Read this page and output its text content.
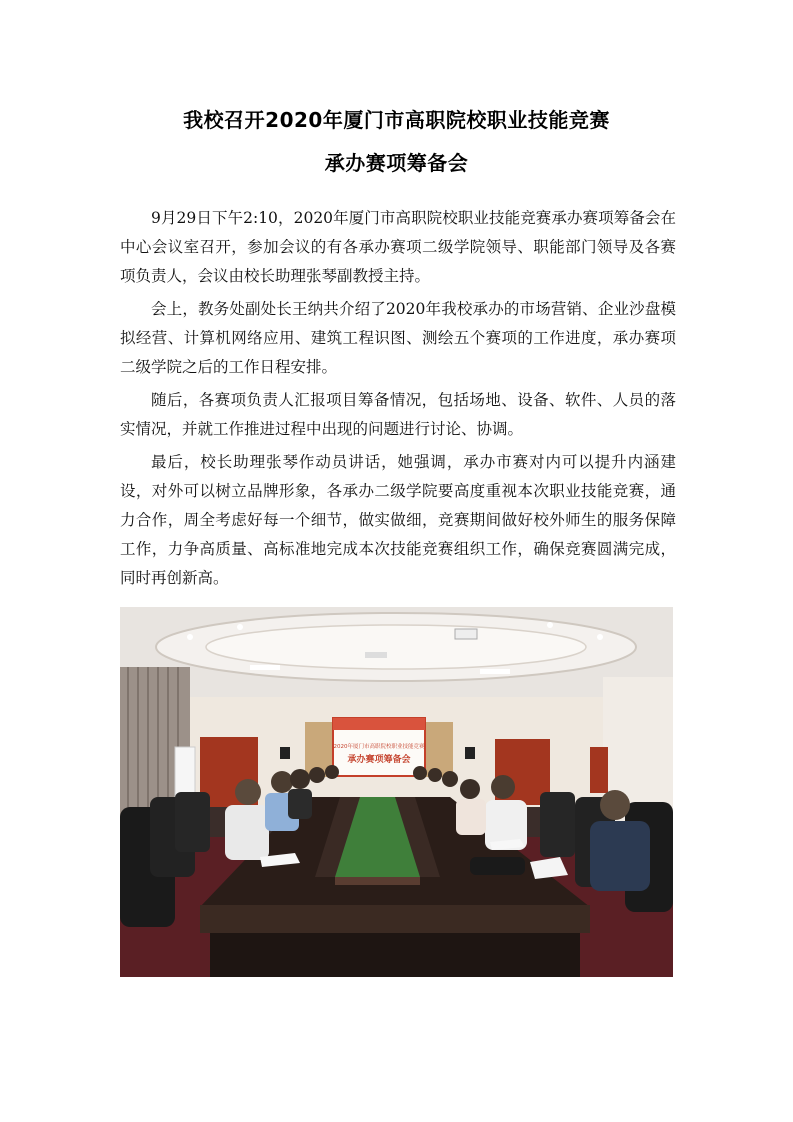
我校召开2020年厦门市高职院校职业技能竞赛
承办赛项筹备会

9月29日下午2:10，2020年厦门市高职院校职业技能竞赛承办赛项筹备会在中心会议室召开，参加会议的有各承办赛项二级学院领导、职能部门领导及各赛项负责人，会议由校长助理张琴副教授主持。

会上，教务处副处长王纳共介绍了2020年我校承办的市场营销、企业沙盘模拟经营、计算机网络应用、建筑工程识图、测绘五个赛项的工作进度，承办赛项二级学院之后的工作日程安排。

随后，各赛项负责人汇报项目筹备情况，包括场地、设备、软件、人员的落实情况，并就工作推进过程中出现的问题进行讨论、协调。

最后，校长助理张琴作动员讲话，她强调，承办市赛对内可以提升内涵建设，对外可以树立品牌形象，各承办二级学院要高度重视本次职业技能竞赛，通力合作，周全考虑好每一个细节，做实做细，竞赛期间做好校外师生的服务保障工作，力争高质量、高标准地完成本次技能竞赛组织工作，确保竞赛圆满完成，同时再创新高。

2020年厦门市高职院校职业技能竞赛
承办赛项筹备会
